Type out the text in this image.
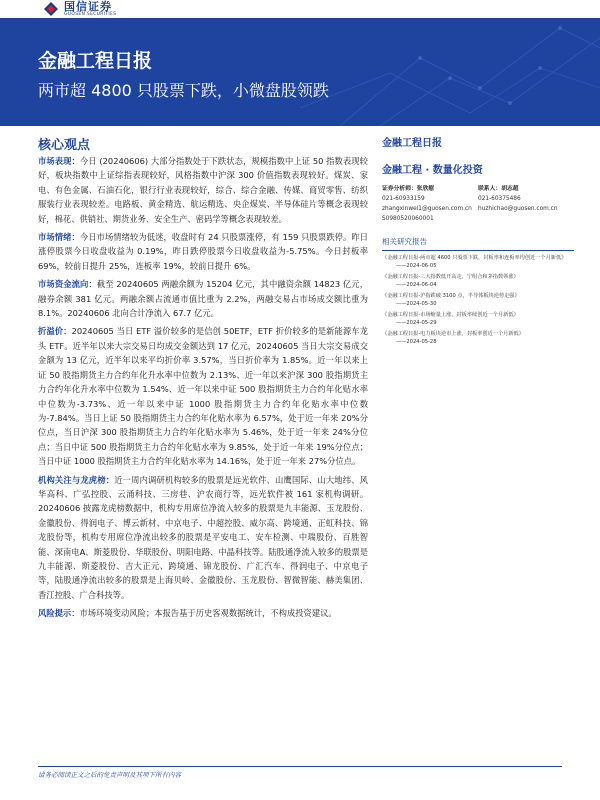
国信证券
GUOSEN SECURITIES
金融工程日报
两市超 4800 只股票下跌，小微盘股领跌
核心观点

市场表现：今日 (20240606) 大部分指数处于下跌状态，规模指数中上证 50 指数表现较好，板块指数中上证综指表现较好，风格指数中沪深 300 价值指数表现较好。煤炭、家电、有色金属、石油石化，银行行业表现较好，综合、综合金融、传媒、商贸零售、纺织服装行业表现较差。电路板、黄金精选、航运精选、央企煤炭、半导体硅片等概念表现较好，棉花、供销社、期货业务、安全生产、密码学等概念表现较差。

市场情绪：今日市场情绪较为低迷，收盘时有 24 只股票涨停，有 159 只股票跌停。昨日涨停股票今日收盘收益为 0.19%，昨日跌停股票今日收盘收益为-5.75%。今日封板率 69%，较前日提升 25%，连板率 19%，较前日提升 6%。

市场资金流向：截至 20240605 两融余额为 15204 亿元，其中融资余额 14823 亿元，融券余额 381 亿元。两融余额占流通市值比重为 2.2%，两融交易占市场成交额比重为 8.1%。20240606 北向合计净流入 67.7 亿元。

折溢价：20240605 当日 ETF 溢价较多的是信创 50ETF，ETF 折价较多的是新能源车龙头 ETF。近半年以来大宗交易日均成交金额达到 17 亿元，20240605 当日大宗交易成交金额为 13 亿元，近半年以来平均折价率 3.57%，当日折价率为 1.85%。近一年以来上证 50 股指期货主力合约年化升水率中位数为 2.13%、近一年以来沪深 300 股指期货主力合约年化升水率中位数为 1.54%、近一年以来中证 500 股指期货主力合约年化贴水率中位数为-3.73%、近一年以来中证 1000 股指期货主力合约年化贴水率中位数为-7.84%。当日上证 50 股指期货主力合约年化贴水率为 6.57%，处于近一年来 20%分位点，当日沪深 300 股指期货主力合约年化贴水率为 5.46%，处于近一年来 24%分位点；当日中证 500 股指期货主力合约年化贴水率为 9.85%，处于近一年来 19%分位点；当日中证 1000 股指期货主力合约年化贴水率为 14.16%，处于近一年来 27%分位点。

机构关注与龙虎榜：近一周内调研机构较多的股票是远光软件、山鹰国际、山大地纬、风华高科、广弘控股、云涌科技、三房巷、沪农商行等，远光软件被 161 家机构调研。20240606 披露龙虎榜数据中，机构专用席位净流入较多的股票是九丰能源、玉龙股份、金徽股份、得润电子、博云新材、中京电子、中超控股、威尔高、跨境通、正虹科技、锦龙股份等，机构专用席位净流出较多的股票是平安电工、安车检测、中瑞股份、百胜智能、深南电A、斯菱股份、华联股份、明阳电路、中晶科技等。陆股通净流入较多的股票是九丰能源、斯菱股份、吉大正元、跨境通、锦龙股份、广汇汽车、得润电子、中京电子等，陆股通净流出较多的股票是上海贝岭、金徽股份、玉龙股份、智微智能、赫美集团、香江控股、广合科技等。

风险提示：市场环境变动风险；本报告基于历史客观数据统计，不构成投资建议。

金融工程日报
金融工程 · 数量化投资
证券分析师：张欣慰
021-60933159
zhangxinwei1@guosen.com.cn
S0980520060001
联系人：胡志超
021-60375486
huzhichao@guosen.com.cn
相关研究报告
《金融工程日报-两市超 4600 只股票下跌，封板率和连板率均创近一个月新低》
——2024-06-05
《金融工程日报-三大指数低开高走，宁组合和茅指数领涨》
——2024-06-04
《金融工程日报-沪指跌破 3100 点，半导体板块逆势走强》
——2024-05-30
《金融工程日报-市场缩量上涨，封板率续创近一个月新低》
——2024-05-29
《金融工程日报-电力板块逆市上涨，封板率创近一个月新低》
——2024-05-28
请务必阅读正文之后的免责声明及其项下所有内容
